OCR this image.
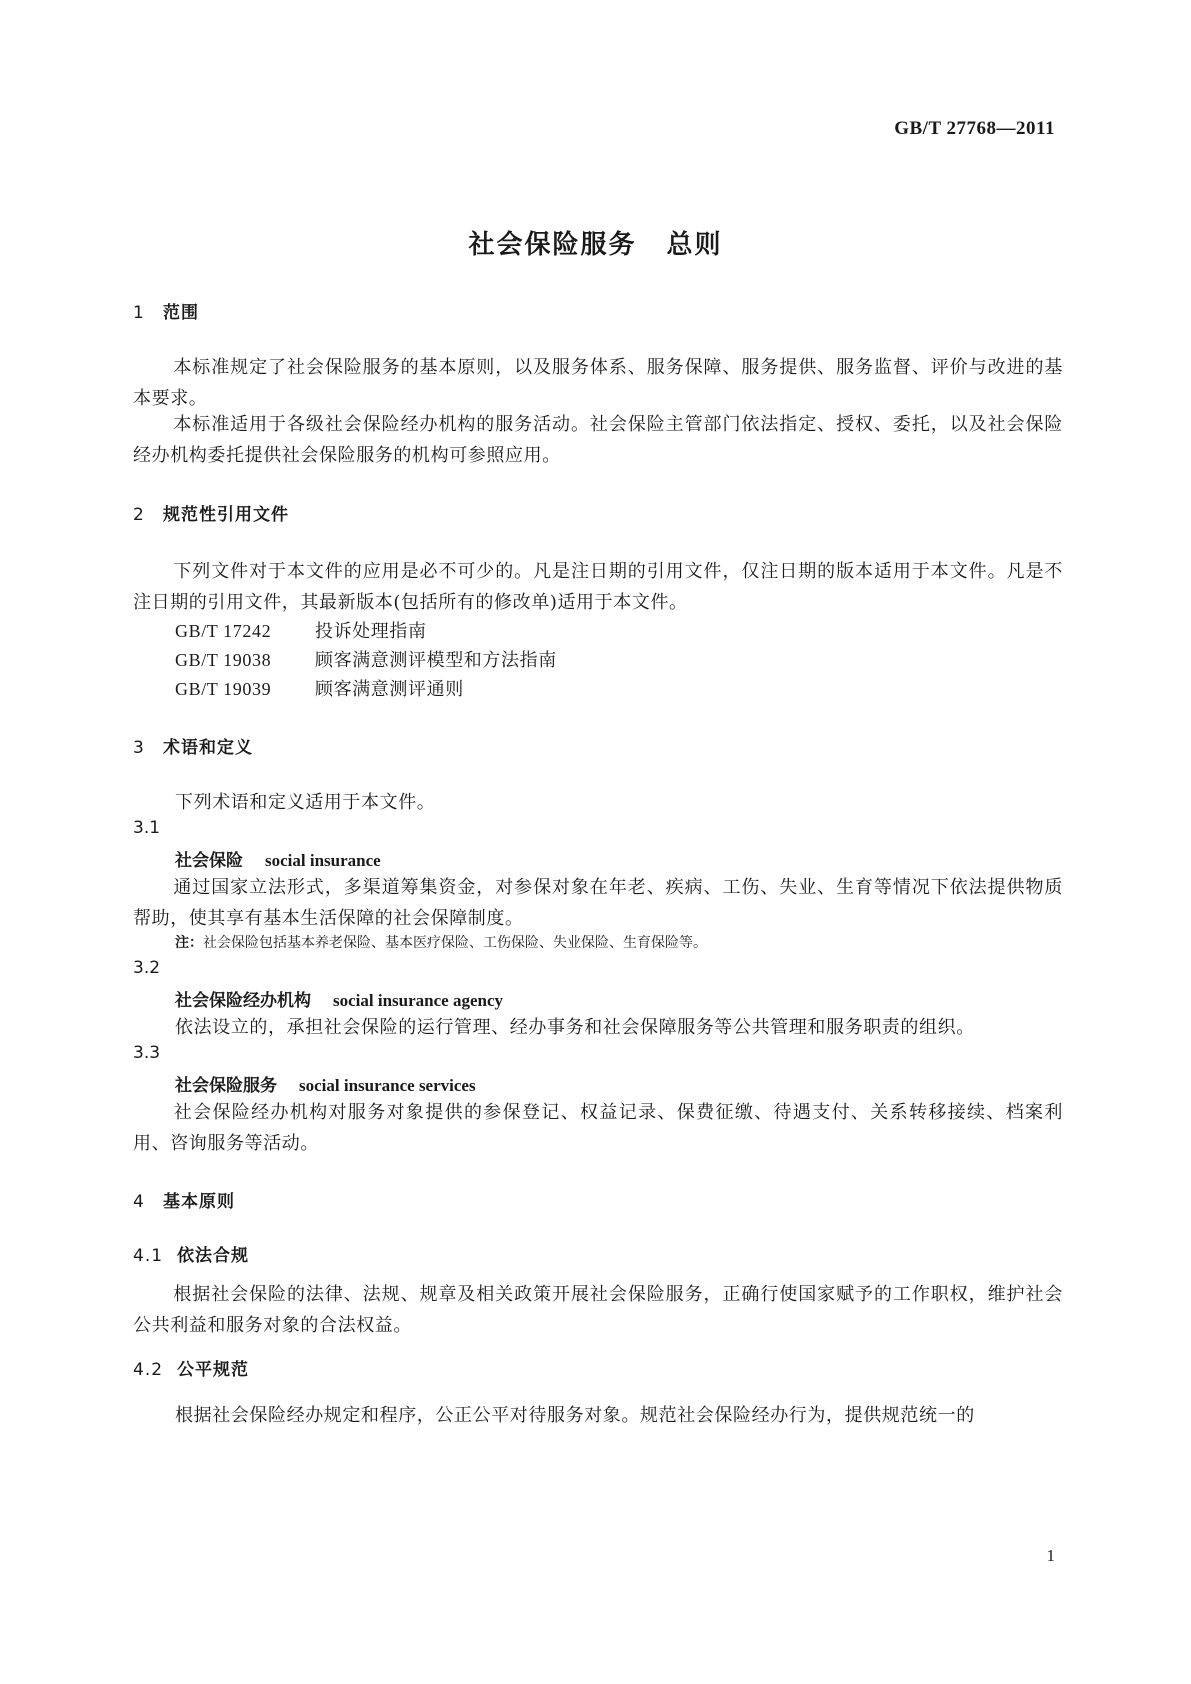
GB/T 27768—2011
社会保险服务 总则
1 范围
本标准规定了社会保险服务的基本原则，以及服务体系、服务保障、服务提供、服务监督、评价与改进的基本要求。
本标准适用于各级社会保险经办机构的服务活动。社会保险主管部门依法指定、授权、委托，以及社会保险经办机构委托提供社会保险服务的机构可参照应用。
2 规范性引用文件
下列文件对于本文件的应用是必不可少的。凡是注日期的引用文件，仅注日期的版本适用于本文件。凡是不注日期的引用文件，其最新版本(包括所有的修改单)适用于本文件。
GB/T 17242 投诉处理指南
GB/T 19038 顾客满意测评模型和方法指南
GB/T 19039 顾客满意测评通则
3 术语和定义
下列术语和定义适用于本文件。
3.1
社会保险 social insurance
通过国家立法形式，多渠道筹集资金，对参保对象在年老、疾病、工伤、失业、生育等情况下依法提供物质帮助，使其享有基本生活保障的社会保障制度。
注：社会保险包括基本养老保险、基本医疗保险、工伤保险、失业保险、生育保险等。
3.2
社会保险经办机构 social insurance agency
依法设立的，承担社会保险的运行管理、经办事务和社会保障服务等公共管理和服务职责的组织。
3.3
社会保险服务 social insurance services
社会保险经办机构对服务对象提供的参保登记、权益记录、保费征缴、待遇支付、关系转移接续、档案利用、咨询服务等活动。
4 基本原则
4.1 依法合规
根据社会保险的法律、法规、规章及相关政策开展社会保险服务，正确行使国家赋予的工作职权，维护社会公共利益和服务对象的合法权益。
4.2 公平规范
根据社会保险经办规定和程序，公正公平对待服务对象。规范社会保险经办行为，提供规范统一的
1
